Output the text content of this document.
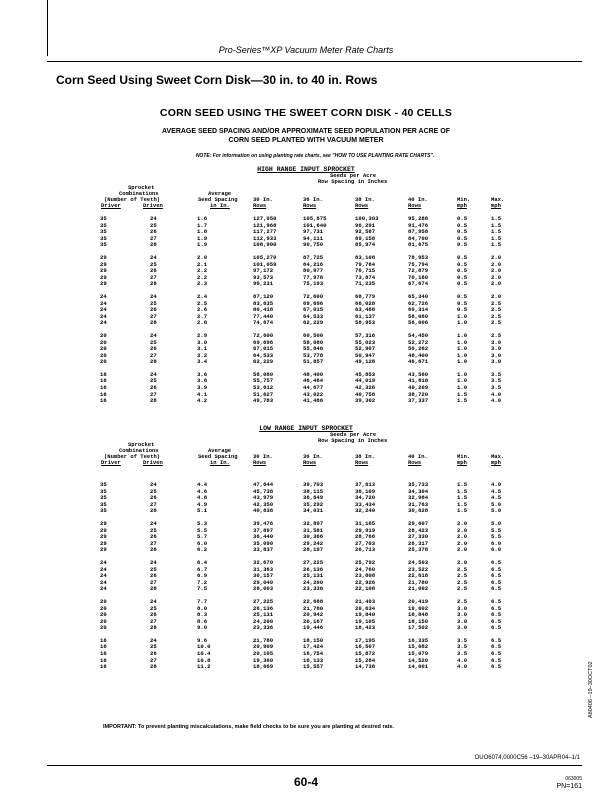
Pro-Series™XP Vacuum Meter Rate Charts
Corn Seed Using Sweet Corn Disk—30 in. to 40 in. Rows
CORN SEED USING THE SWEET CORN DISK - 40 CELLS
AVERAGE SEED SPACING AND/OR APPROXIMATE SEED POPULATION PER ACRE OF
CORN SEED PLANTED WITH VACUUM METER
NOTE: For information on using planting rate charts, see "HOW TO USE PLANTING RATE CHARTS".
HIGH RANGE INPUT SPROCKET
Seeds per Acre
Row Spacing in Inches
Sprocket
Combinations	Average
(Number of Teeth)	Seed Spacing	30 In.	36 In.	38 In.	40 In.	Min.	Max.
Driver	Driven	in In.	Rows	Rows	Rows	Rows	mph	mph
35	24	1.6	127,050	105,875	100,303	95,288	0.5	1.5
35	25	1.7	121,968	101,640	96,291	91,476	0.5	1.5
35	26	1.8	117,277	97,731	92,587	87,958	0.5	1.5
35	27	1.9	112,933	94,111	89,158	84,700	0.5	1.5
35	28	1.9	108,900	90,750	85,974	81,675	0.5	1.5

29	24	2.0	105,270	87,725	83,108	78,953	0.5	2.0
29	25	2.1	101,059	84,216	79,784	75,794	0.5	2.0
29	26	2.2	97,172	80,977	76,715	72,879	0.5	2.0
29	27	2.2	93,573	77,978	73,874	70,180	0.5	2.0
29	28	2.3	90,231	75,193	71,235	67,674	0.5	2.0

24	24	2.4	87,120	72,600	68,779	65,340	0.5	2.0
24	25	2.5	83,635	69,696	66,028	62,726	0.5	2.5
24	26	2.6	80,418	67,015	63,488	60,314	0.5	2.5
24	27	2.7	77,440	64,533	61,137	58,080	1.0	2.5
24	28	2.8	74,674	62,229	58,953	56,006	1.0	2.5

20	24	2.9	72,600	60,500	57,316	54,450	1.0	2.5
20	25	3.0	69,696	58,080	55,023	52,272	1.0	3.0
20	26	3.1	67,015	55,846	52,907	50,262	1.0	3.0
20	27	3.2	64,533	53,778	50,947	48,400	1.0	3.0
20	28	3.4	62,229	51,857	49,128	46,671	1.0	3.0

16	24	3.6	58,080	48,400	45,853	43,560	1.0	3.5
16	25	3.8	55,757	46,464	44,019	41,818	1.0	3.5
16	26	3.9	53,612	44,677	42,326	40,209	1.0	3.5
16	27	4.1	51,627	43,022	40,758	38,720	1.5	4.0
16	28	4.2	49,783	41,486	39,302	37,337	1.5	4.0
LOW RANGE INPUT SPROCKET
Seeds per Acre
Row Spacing in Inches
Sprocket
Combinations	Average
(Number of Teeth)	Seed Spacing	30 In.	36 In.	38 In.	40 In.	Min.	Max.
Driver	Driven	in In.	Rows	Rows	Rows	Rows	mph	mph
35	24	4.4	47,644	39,703	37,613	35,733	1.5	4.0
35	25	4.6	45,738	38,115	36,109	34,304	1.5	4.5
35	26	4.8	43,979	36,649	34,720	32,984	1.5	4.5
35	27	4.9	42,350	35,292	33,434	31,763	1.5	5.0
35	28	5.1	40,838	34,031	32,240	30,628	1.5	5.0

29	24	5.3	39,476	32,897	31,165	29,607	2.0	5.0
29	25	5.5	37,897	31,581	29,919	28,423	2.0	5.5
29	26	5.7	36,440	30,366	28,768	27,330	2.0	5.5
29	27	6.0	35,090	29,242	27,703	26,317	2.0	6.0
29	28	6.2	33,837	28,197	26,713	25,378	2.0	6.0

24	24	6.4	32,670	27,225	25,792	24,503	2.0	6.5
24	25	6.7	31,363	26,136	24,760	23,522	2.5	6.5
24	26	6.9	30,157	25,131	23,808	22,618	2.5	6.5
24	27	7.2	29,040	24,200	22,926	21,780	2.5	6.5
24	28	7.5	28,003	23,336	22,108	21,002	2.5	6.5

20	24	7.7	27,225	22,688	21,493	20,419	2.5	6.5
20	25	8.0	26,136	21,780	20,634	19,602	3.0	6.5
20	26	8.3	25,131	20,942	19,840	18,848	3.0	6.5
20	27	8.6	24,200	20,167	19,105	18,150	3.0	6.5
20	28	9.0	23,336	19,446	18,423	17,502	3.0	6.5

16	24	9.6	21,780	18,150	17,195	16,335	3.5	6.5
16	25	10.0	20,909	17,424	16,507	15,682	3.5	6.5
16	26	10.4	20,105	16,754	15,872	15,079	3.5	6.5
16	27	10.8	19,360	16,133	15,284	14,520	4.0	6.5
16	28	11.2	18,669	15,557	14,738	14,001	4.0	6.5
IMPORTANT: To prevent planting miscalculations, make field checks to be sure you are planting at desired rate.
A80406 –19–30OCT02
OUO6074,0000C56 –19–30APR04–1/1
60-4	063005
PN=161
